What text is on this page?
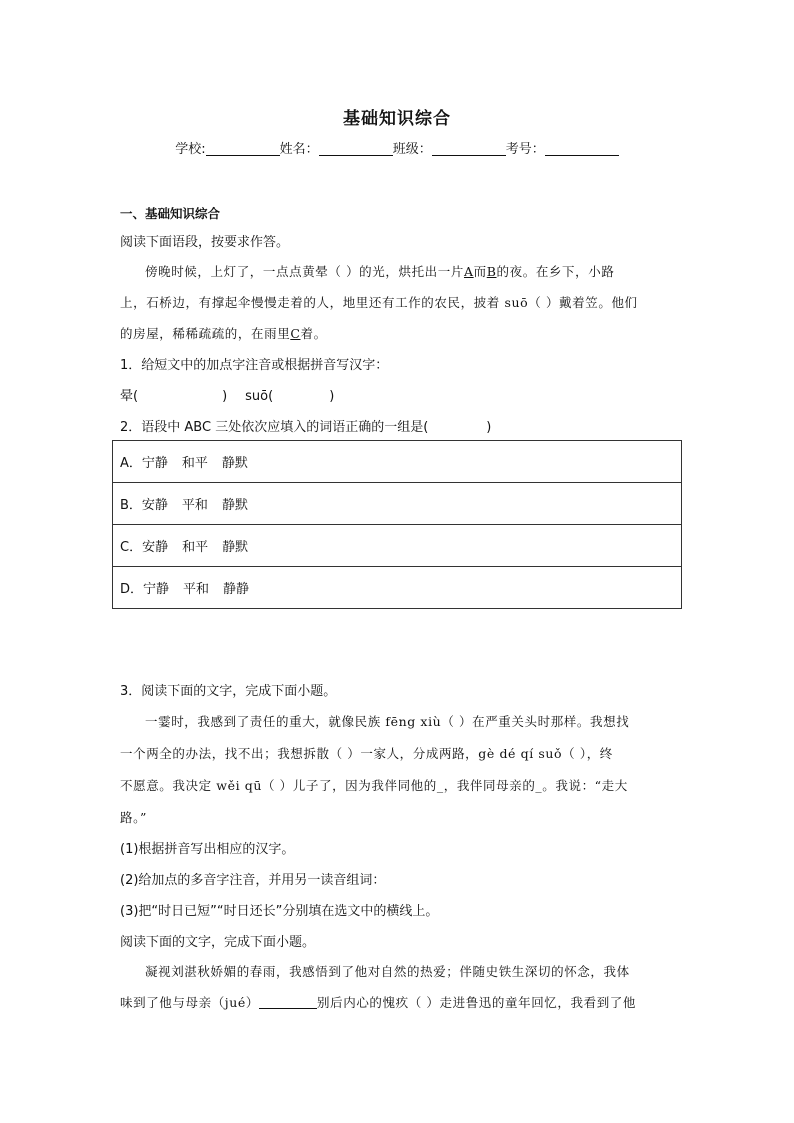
基础知识综合
学校:	姓名：	班级：	考号：
一、基础知识综合
阅读下面语段，按要求作答。
傍晚时候，上灯了，一点点黄晕（ ）的光，烘托出一片A而B的夜。在乡下，小路
上，石桥边，有撑起伞慢慢走着的人，地里还有工作的农民，披着 suō（ ）戴着笠。他们
的房屋，稀稀疏疏的，在雨里C着。
1．给短文中的加点字注音或根据拼音写汉字：
晕(	) suō(	)
2．语段中 ABC 三处依次应填入的词语正确的一组是(	)
A．宁静 和平 静默
B．安静 平和 静默
C．安静 和平 静默
D．宁静 平和 静静
3．阅读下面的文字，完成下面小题。
一霎时，我感到了责任的重大，就像民族 fēng xiù（ ）在严重关头时那样。我想找
一个两全的办法，找不出；我想拆散（ ）一家人，分成两路，gè dé qí suǒ（ ），终
不愿意。我决定 wěi qū（ ）儿子了，因为我伴同他的_，我伴同母亲的_。我说：“走大
路。”
(1)根据拼音写出相应的汉字。
(2)给加点的多音字注音，并用另一读音组词：
(3)把“时日已短”“时日还长”分别填在选文中的横线上。
阅读下面的文字，完成下面小题。
凝视刘湛秋娇媚的春雨，我感悟到了他对自然的热爱；伴随史铁生深切的怀念，我体
味到了他与母亲（jué）	别后内心的愧疚（ ）走进鲁迅的童年回忆，我看到了他
